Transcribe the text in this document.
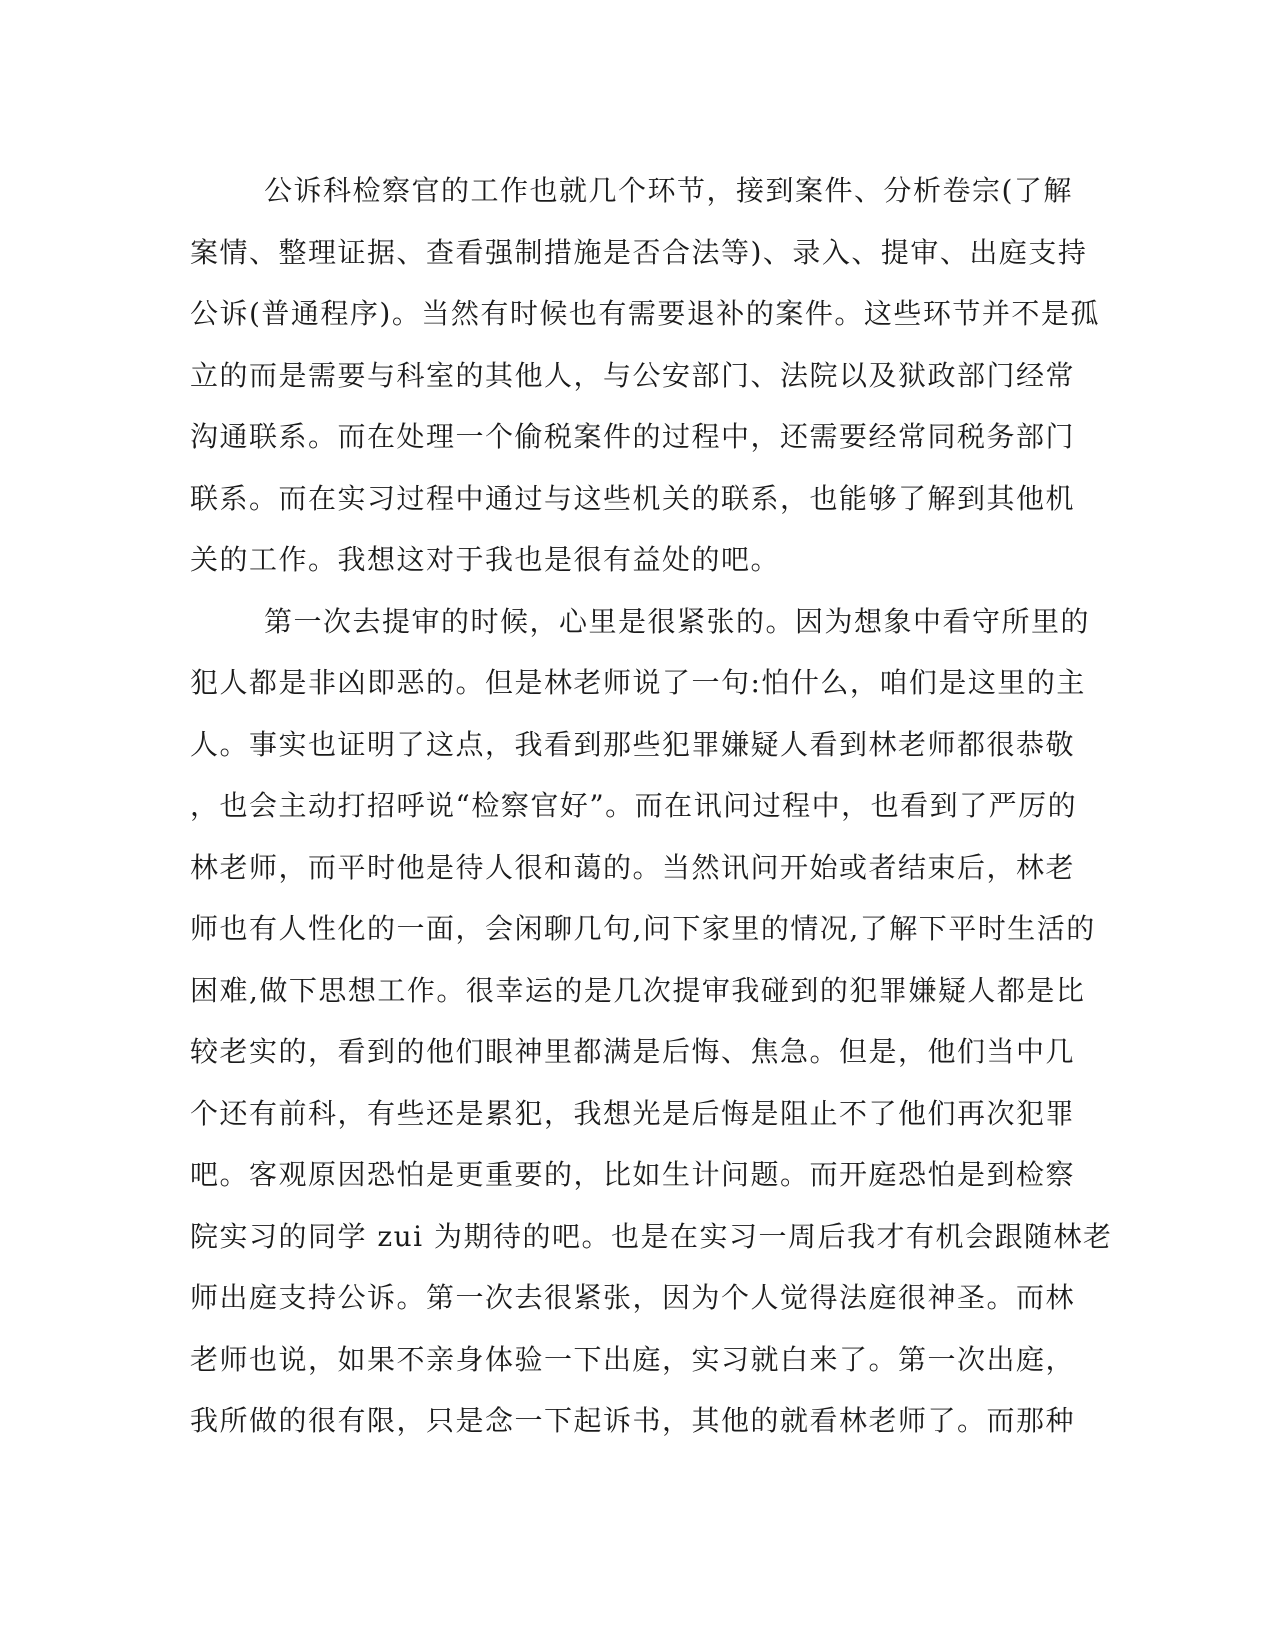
公诉科检察官的工作也就几个环节，接到案件、分析卷宗(了解
案情、整理证据、查看强制措施是否合法等)、录入、提审、出庭支持
公诉(普通程序)。当然有时候也有需要退补的案件。这些环节并不是孤
立的而是需要与科室的其他人，与公安部门、法院以及狱政部门经常
沟通联系。而在处理一个偷税案件的过程中，还需要经常同税务部门
联系。而在实习过程中通过与这些机关的联系，也能够了解到其他机
关的工作。我想这对于我也是很有益处的吧。
第一次去提审的时候，心里是很紧张的。因为想象中看守所里的
犯人都是非凶即恶的。但是林老师说了一句:怕什么，咱们是这里的主
人。事实也证明了这点，我看到那些犯罪嫌疑人看到林老师都很恭敬
，也会主动打招呼说“检察官好”。而在讯问过程中，也看到了严厉的
林老师，而平时他是待人很和蔼的。当然讯问开始或者结束后，林老
师也有人性化的一面，会闲聊几句,问下家里的情况,了解下平时生活的
困难,做下思想工作。很幸运的是几次提审我碰到的犯罪嫌疑人都是比
较老实的，看到的他们眼神里都满是后悔、焦急。但是，他们当中几
个还有前科，有些还是累犯，我想光是后悔是阻止不了他们再次犯罪
吧。客观原因恐怕是更重要的，比如生计问题。而开庭恐怕是到检察
院实习的同学 zui 为期待的吧。也是在实习一周后我才有机会跟随林老
师出庭支持公诉。第一次去很紧张，因为个人觉得法庭很神圣。而林
老师也说，如果不亲身体验一下出庭，实习就白来了。第一次出庭，
我所做的很有限，只是念一下起诉书，其他的就看林老师了。而那种
